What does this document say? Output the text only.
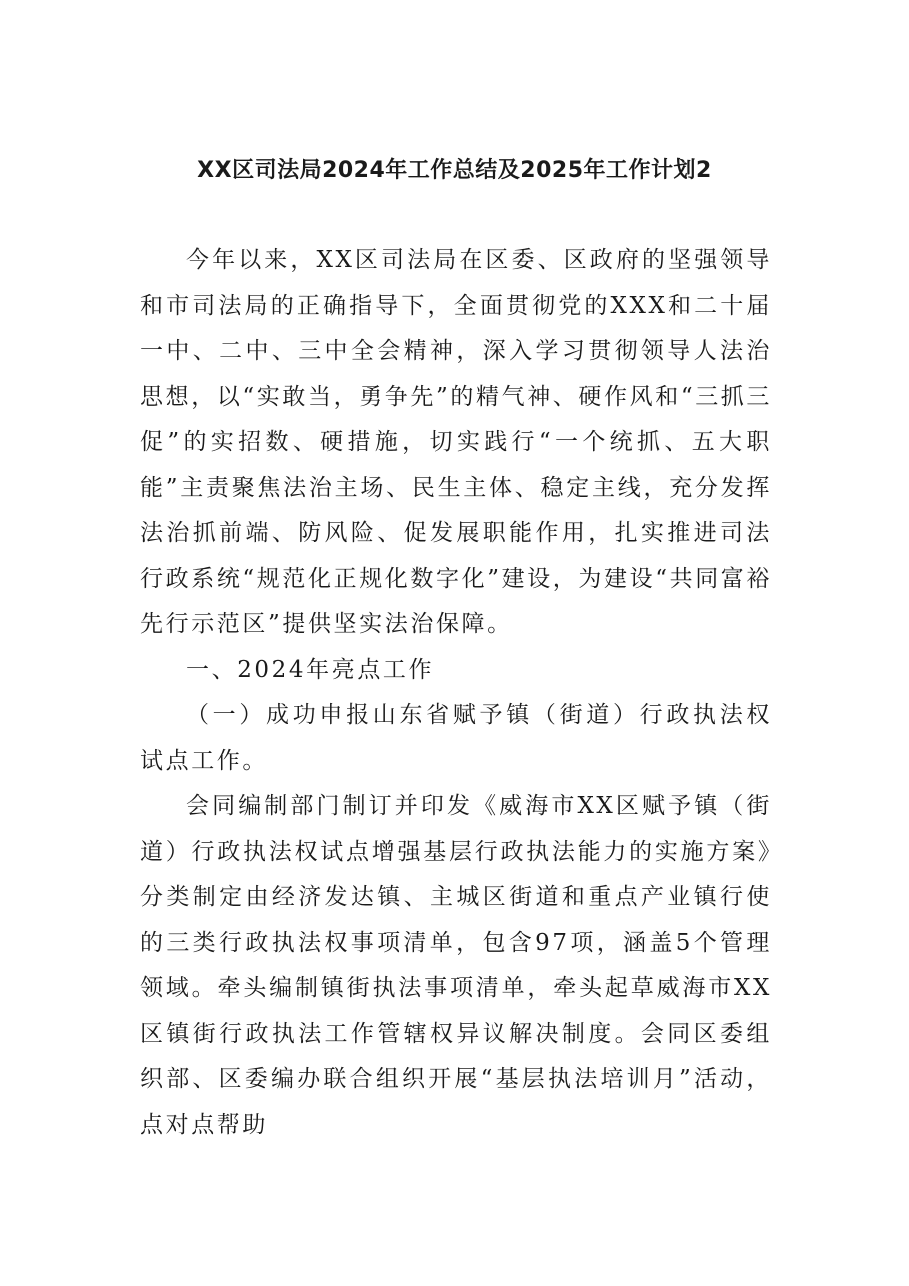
XX区司法局2024年工作总结及2025年工作计划2

今年以来，XX区司法局在区委、区政府的坚强领导和市司法局的正确指导下，全面贯彻党的XXX和二十届一中、二中、三中全会精神，深入学习贯彻领导人法治思想，以“实敢当，勇争先”的精气神、硬作风和“三抓三促”的实招数、硬措施，切实践行“一个统抓、五大职能”主责聚焦法治主场、民生主体、稳定主线，充分发挥法治抓前端、防风险、促发展职能作用，扎实推进司法行政系统“规范化正规化数字化”建设，为建设“共同富裕先行示范区”提供坚实法治保障。

一、2024年亮点工作

（一）成功申报山东省赋予镇（街道）行政执法权试点工作。

会同编制部门制订并印发《威海市XX区赋予镇（街道）行政执法权试点增强基层行政执法能力的实施方案》分类制定由经济发达镇、主城区街道和重点产业镇行使的三类行政执法权事项清单，包含97项，涵盖5个管理领域。牵头编制镇街执法事项清单，牵头起草威海市XX区镇街行政执法工作管辖权异议解决制度。会同区委组织部、区委编办联合组织开展“基层执法培训月”活动，点对点帮助
